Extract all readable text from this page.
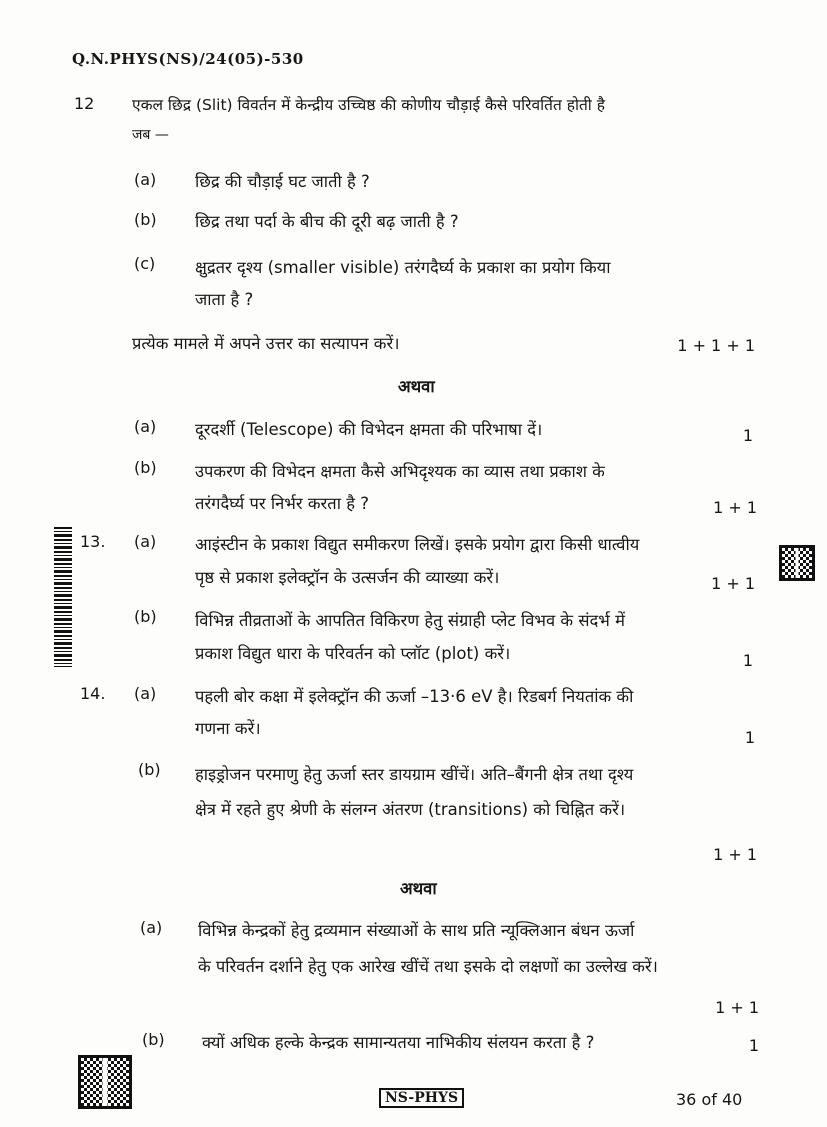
Q.N.PHYS(NS)/24(05)-530
12 एकल छिद्र (Slit) विवर्तन में केन्द्रीय उच्चिष्ठ की कोणीय चौड़ाई कैसे परिवर्तित होती है
जब —
(a) छिद्र की चौड़ाई घट जाती है ?
(b) छिद्र तथा पर्दा के बीच की दूरी बढ़ जाती है ?
(c) क्षुद्रतर दृश्य (smaller visible) तरंगदैर्घ्य के प्रकाश का प्रयोग किया
जाता है ?
प्रत्येक मामले में अपने उत्तर का सत्यापन करें।	1 + 1 + 1
अथवा
(a) दूरदर्शी (Telescope) की विभेदन क्षमता की परिभाषा दें।	1
(b) उपकरण की विभेदन क्षमता कैसे अभिदृश्यक का व्यास तथा प्रकाश के
तरंगदैर्घ्य पर निर्भर करता है ?	1 + 1
13. (a) आइंस्टीन के प्रकाश विद्युत समीकरण लिखें। इसके प्रयोग द्वारा किसी धात्वीय
पृष्ठ से प्रकाश इलेक्ट्रॉन के उत्सर्जन की व्याख्या करें।	1 + 1
(b) विभिन्न तीव्रताओं के आपतित विकिरण हेतु संग्राही प्लेट विभव के संदर्भ में
प्रकाश विद्युत धारा के परिवर्तन को प्लॉट (plot) करें।	1
14. (a) पहली बोर कक्षा में इलेक्ट्रॉन की ऊर्जा –13·6 eV है। रिडबर्ग नियतांक की
गणना करें।	1
(b) हाइड्रोजन परमाणु हेतु ऊर्जा स्तर डायग्राम खींचें। अति–बैंगनी क्षेत्र तथा दृश्य
क्षेत्र में रहते हुए श्रेणी के संलग्न अंतरण (transitions) को चिह्नित करें।
1 + 1
अथवा
(a) विभिन्न केन्द्रकों हेतु द्रव्यमान संख्याओं के साथ प्रति न्यूक्लिआन बंधन ऊर्जा
के परिवर्तन दर्शाने हेतु एक आरेख खींचें तथा इसके दो लक्षणों का उल्लेख करें।
1 + 1
(b) क्यों अधिक हल्के केन्द्रक सामान्यतया नाभिकीय संलयन करता है ?	1
NS-PHYS	36 of 40
